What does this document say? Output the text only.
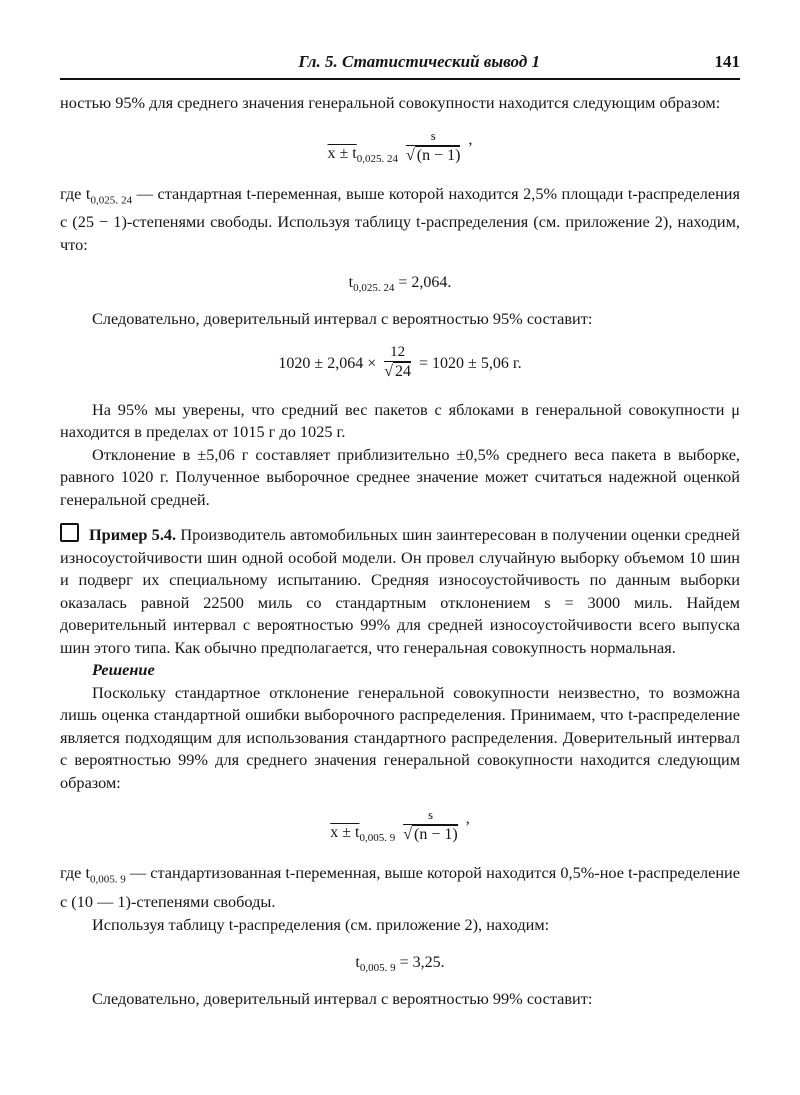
Гл. 5. Статистический вывод 1	141

ностью 95% для среднего значения генеральной совокупности находится следующим образом:

$x \pm t_{0,025. 24} \frac{s}{√ (n - 1)}$ ,

где $t_{0,025. 24}$ — стандартная t-переменная, выше которой находится 2,5% площади t-распределения с (25 − 1)-степенями свободы. Используя таблицу t-распределения (см. приложение 2), находим, что:

$t_{0,025. 24} = 2,064$.

Следовательно, доверительный интервал с вероятностью 95% составит:

$1020 \pm 2,064 \times \frac{12}{√ 24} = 1020 \pm 5,06$ г.

На 95% мы уверены, что средний вес пакетов с яблоками в генеральной совокупности μ находится в пределах от 1015 г до 1025 г.

Отклонение в ±5,06 г составляет приблизительно ±0,5% среднего веса пакета в выборке, равного 1020 г. Полученное выборочное среднее значение может считаться надежной оценкой генеральной средней.

Пример 5.4. Производитель автомобильных шин заинтересован в получении оценки средней износоустойчивости шин одной особой модели. Он провел случайную выборку объемом 10 шин и подверг их специальному испытанию. Средняя износоустойчивость по данным выборки оказалась равной 22500 миль со стандартным отклонением s = 3000 миль. Найдем доверительный интервал с вероятностью 99% для средней износоустойчивости всего выпуска шин этого типа. Как обычно предполагается, что генеральная совокупность нормальная.

Решение

Поскольку стандартное отклонение генеральной совокупности неизвестно, то возможна лишь оценка стандартной ошибки выборочного распределения. Принимаем, что t-распределение является подходящим для использования стандартного распределения. Доверительный интервал с вероятностью 99% для среднего значения генеральной совокупности находится следующим образом:

$x \pm t_{0,005. 9} \frac{s}{√ (n - 1)}$ ,

где $t_{0,005. 9}$ — стандартизованная t-переменная, выше которой находится 0,5%-ное t-распределение с (10 — 1)-степенями свободы.

Используя таблицу t-распределения (см. приложение 2), находим:

$t_{0,005. 9} = 3,25$.

Следовательно, доверительный интервал с вероятностью 99% составит:
